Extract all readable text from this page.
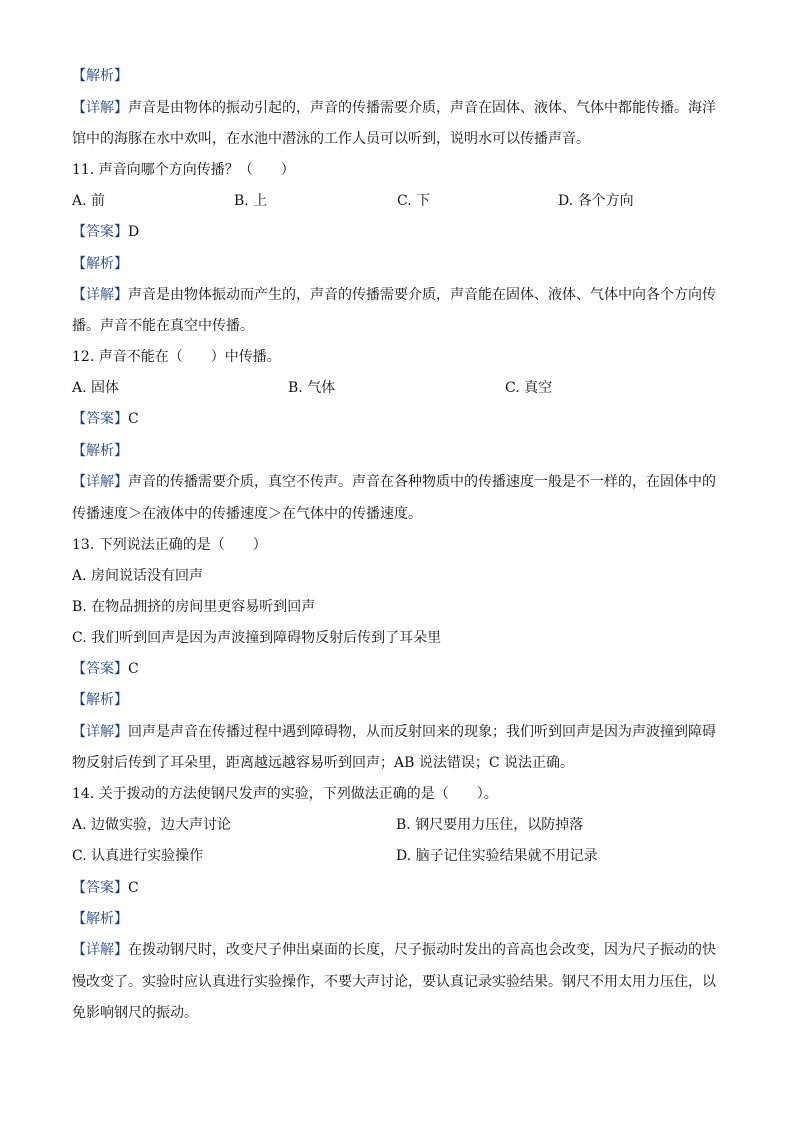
【解析】
【详解】声音是由物体的振动引起的，声音的传播需要介质，声音在固体、液体、气体中都能传播。海洋
馆中的海豚在水中欢叫，在水池中潜泳的工作人员可以听到，说明水可以传播声音。
11. 声音向哪个方向传播？（　　）
A. 前	B. 上	C. 下	D. 各个方向
【答案】D
【解析】
【详解】声音是由物体振动而产生的，声音的传播需要介质，声音能在固体、液体、气体中向各个方向传
播。声音不能在真空中传播。
12. 声音不能在（　　）中传播。
A. 固体	B. 气体	C. 真空
【答案】C
【解析】
【详解】声音的传播需要介质，真空不传声。声音在各种物质中的传播速度一般是不一样的，在固体中的
传播速度＞在液体中的传播速度＞在气体中的传播速度。
13. 下列说法正确的是（　　）
A. 房间说话没有回声
B. 在物品拥挤的房间里更容易听到回声
C. 我们听到回声是因为声波撞到障碍物反射后传到了耳朵里
【答案】C
【解析】
【详解】回声是声音在传播过程中遇到障碍物，从而反射回来的现象；我们听到回声是因为声波撞到障碍
物反射后传到了耳朵里，距离越远越容易听到回声；AB 说法错误；C 说法正确。
14. 关于拨动的方法使钢尺发声的实验，下列做法正确的是（　　）。
A. 边做实验，边大声讨论	B. 钢尺要用力压住，以防掉落
C. 认真进行实验操作	D. 脑子记住实验结果就不用记录
【答案】C
【解析】
【详解】在拨动钢尺时，改变尺子伸出桌面的长度，尺子振动时发出的音高也会改变，因为尺子振动的快
慢改变了。实验时应认真进行实验操作，不要大声讨论，要认真记录实验结果。钢尺不用太用力压住，以
免影响钢尺的振动。
